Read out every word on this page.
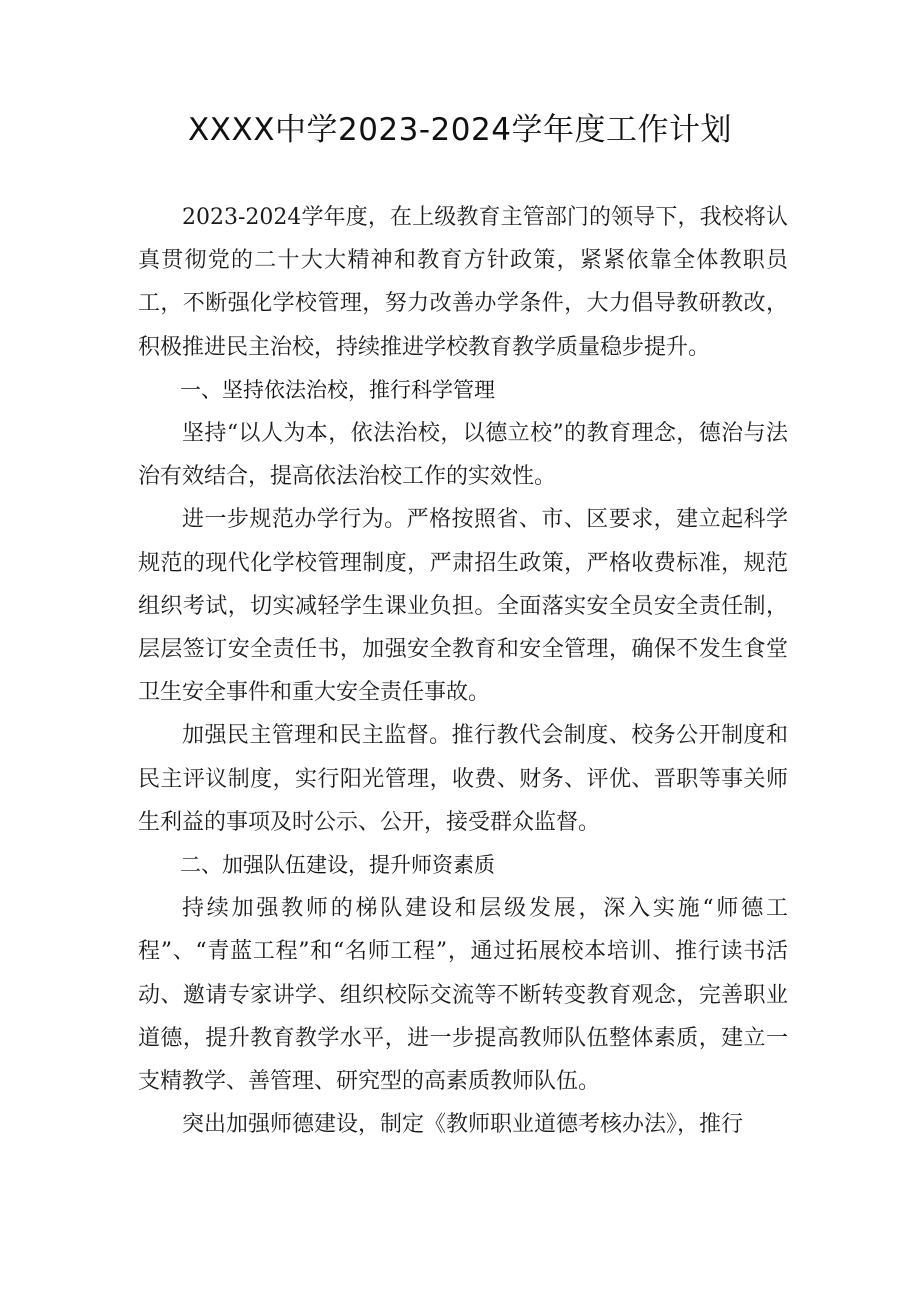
XXXX中学2023-2024学年度工作计划

2023-2024学年度，在上级教育主管部门的领导下，我校将认真贯彻党的二十大大精神和教育方针政策，紧紧依靠全体教职员工，不断强化学校管理，努力改善办学条件，大力倡导教研教改，积极推进民主治校，持续推进学校教育教学质量稳步提升。

一、坚持依法治校，推行科学管理

坚持“以人为本，依法治校，以德立校”的教育理念，德治与法治有效结合，提高依法治校工作的实效性。

进一步规范办学行为。严格按照省、市、区要求，建立起科学规范的现代化学校管理制度，严肃招生政策，严格收费标准，规范组织考试，切实减轻学生课业负担。全面落实安全员安全责任制，层层签订安全责任书，加强安全教育和安全管理，确保不发生食堂卫生安全事件和重大安全责任事故。

加强民主管理和民主监督。推行教代会制度、校务公开制度和民主评议制度，实行阳光管理，收费、财务、评优、晋职等事关师生利益的事项及时公示、公开，接受群众监督。

二、加强队伍建设，提升师资素质

持续加强教师的梯队建设和层级发展，深入实施“师德工程”、“青蓝工程”和“名师工程”，通过拓展校本培训、推行读书活动、邀请专家讲学、组织校际交流等不断转变教育观念，完善职业道德，提升教育教学水平，进一步提高教师队伍整体素质，建立一支精教学、善管理、研究型的高素质教师队伍。

突出加强师德建设，制定《教师职业道德考核办法》，推行
